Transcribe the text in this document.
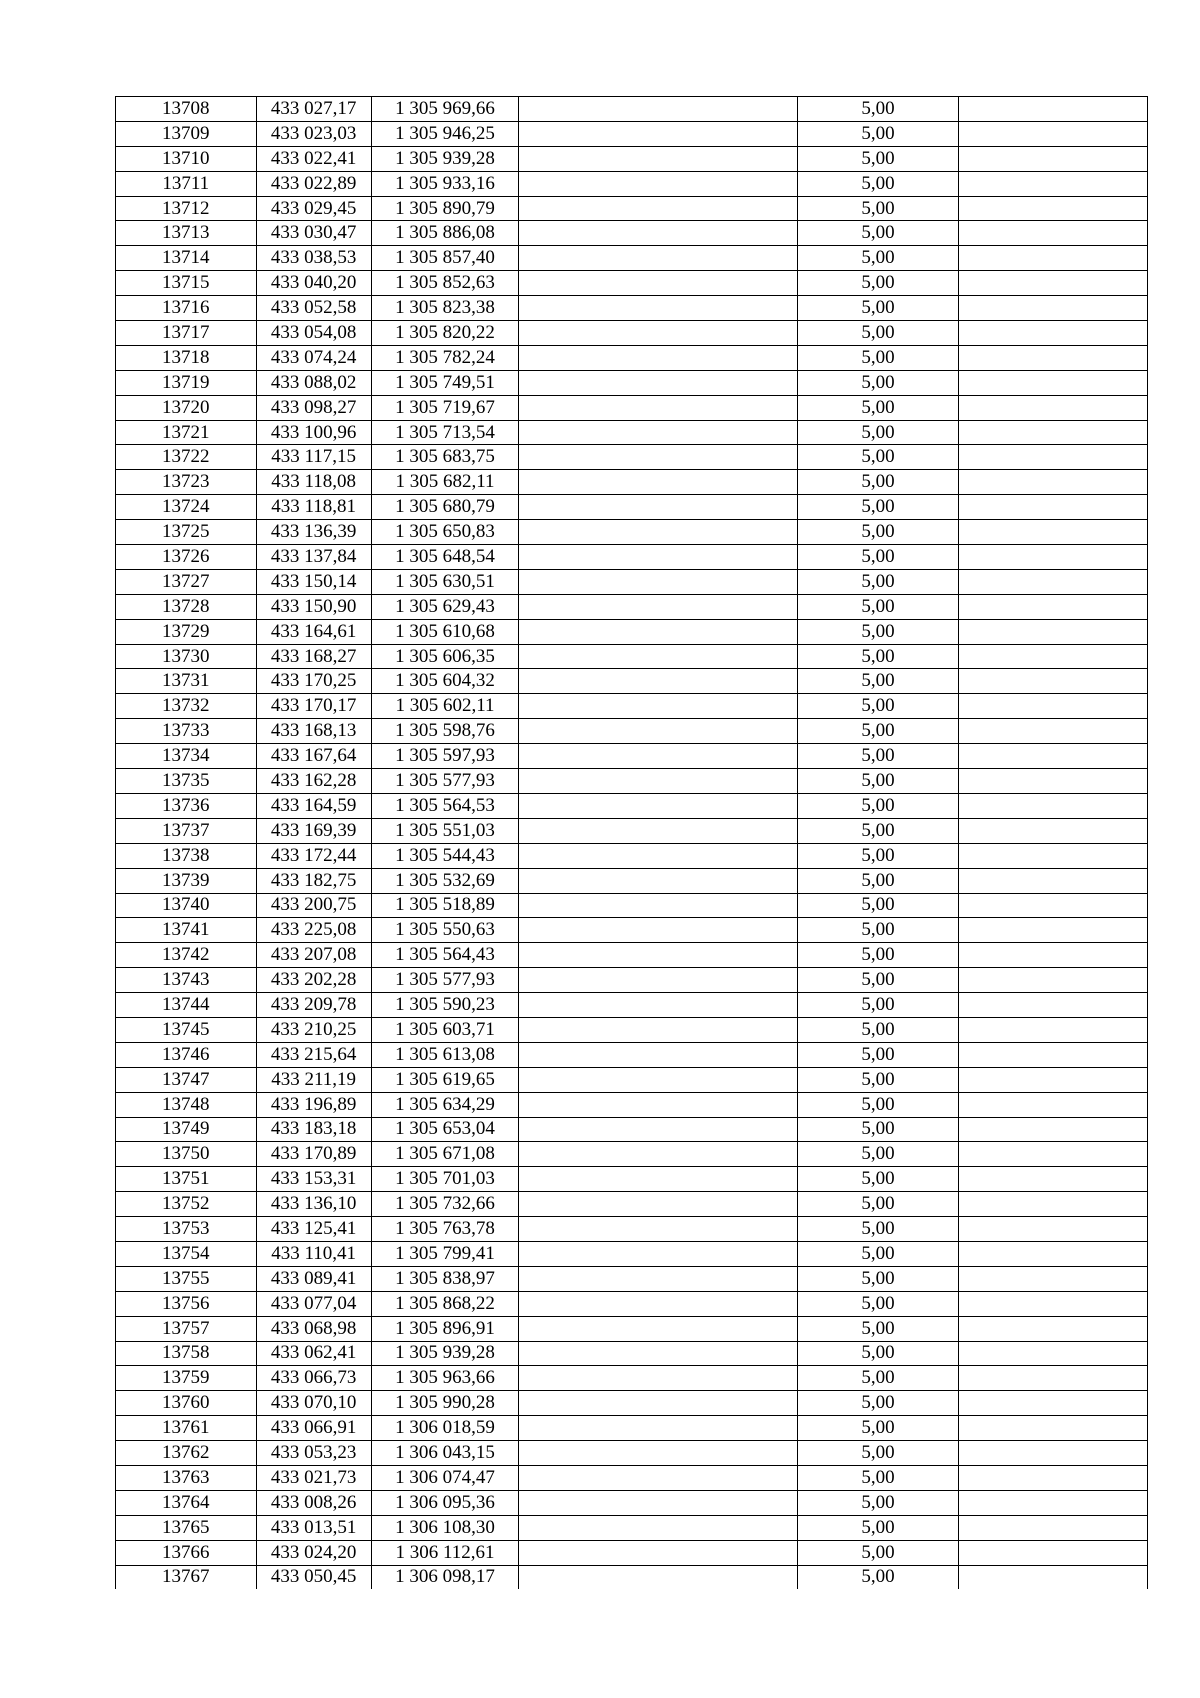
13708	433 027,17	1 305 969,66		5,00	
13709	433 023,03	1 305 946,25		5,00	
13710	433 022,41	1 305 939,28		5,00	
13711	433 022,89	1 305 933,16		5,00	
13712	433 029,45	1 305 890,79		5,00	
13713	433 030,47	1 305 886,08		5,00	
13714	433 038,53	1 305 857,40		5,00	
13715	433 040,20	1 305 852,63		5,00	
13716	433 052,58	1 305 823,38		5,00	
13717	433 054,08	1 305 820,22		5,00	
13718	433 074,24	1 305 782,24		5,00	
13719	433 088,02	1 305 749,51		5,00	
13720	433 098,27	1 305 719,67		5,00	
13721	433 100,96	1 305 713,54		5,00	
13722	433 117,15	1 305 683,75		5,00	
13723	433 118,08	1 305 682,11		5,00	
13724	433 118,81	1 305 680,79		5,00	
13725	433 136,39	1 305 650,83		5,00	
13726	433 137,84	1 305 648,54		5,00	
13727	433 150,14	1 305 630,51		5,00	
13728	433 150,90	1 305 629,43		5,00	
13729	433 164,61	1 305 610,68		5,00	
13730	433 168,27	1 305 606,35		5,00	
13731	433 170,25	1 305 604,32		5,00	
13732	433 170,17	1 305 602,11		5,00	
13733	433 168,13	1 305 598,76		5,00	
13734	433 167,64	1 305 597,93		5,00	
13735	433 162,28	1 305 577,93		5,00	
13736	433 164,59	1 305 564,53		5,00	
13737	433 169,39	1 305 551,03		5,00	
13738	433 172,44	1 305 544,43		5,00	
13739	433 182,75	1 305 532,69		5,00	
13740	433 200,75	1 305 518,89		5,00	
13741	433 225,08	1 305 550,63		5,00	
13742	433 207,08	1 305 564,43		5,00	
13743	433 202,28	1 305 577,93		5,00	
13744	433 209,78	1 305 590,23		5,00	
13745	433 210,25	1 305 603,71		5,00	
13746	433 215,64	1 305 613,08		5,00	
13747	433 211,19	1 305 619,65		5,00	
13748	433 196,89	1 305 634,29		5,00	
13749	433 183,18	1 305 653,04		5,00	
13750	433 170,89	1 305 671,08		5,00	
13751	433 153,31	1 305 701,03		5,00	
13752	433 136,10	1 305 732,66		5,00	
13753	433 125,41	1 305 763,78		5,00	
13754	433 110,41	1 305 799,41		5,00	
13755	433 089,41	1 305 838,97		5,00	
13756	433 077,04	1 305 868,22		5,00	
13757	433 068,98	1 305 896,91		5,00	
13758	433 062,41	1 305 939,28		5,00	
13759	433 066,73	1 305 963,66		5,00	
13760	433 070,10	1 305 990,28		5,00	
13761	433 066,91	1 306 018,59		5,00	
13762	433 053,23	1 306 043,15		5,00	
13763	433 021,73	1 306 074,47		5,00	
13764	433 008,26	1 306 095,36		5,00	
13765	433 013,51	1 306 108,30		5,00	
13766	433 024,20	1 306 112,61		5,00	
13767	433 050,45	1 306 098,17		5,00	
